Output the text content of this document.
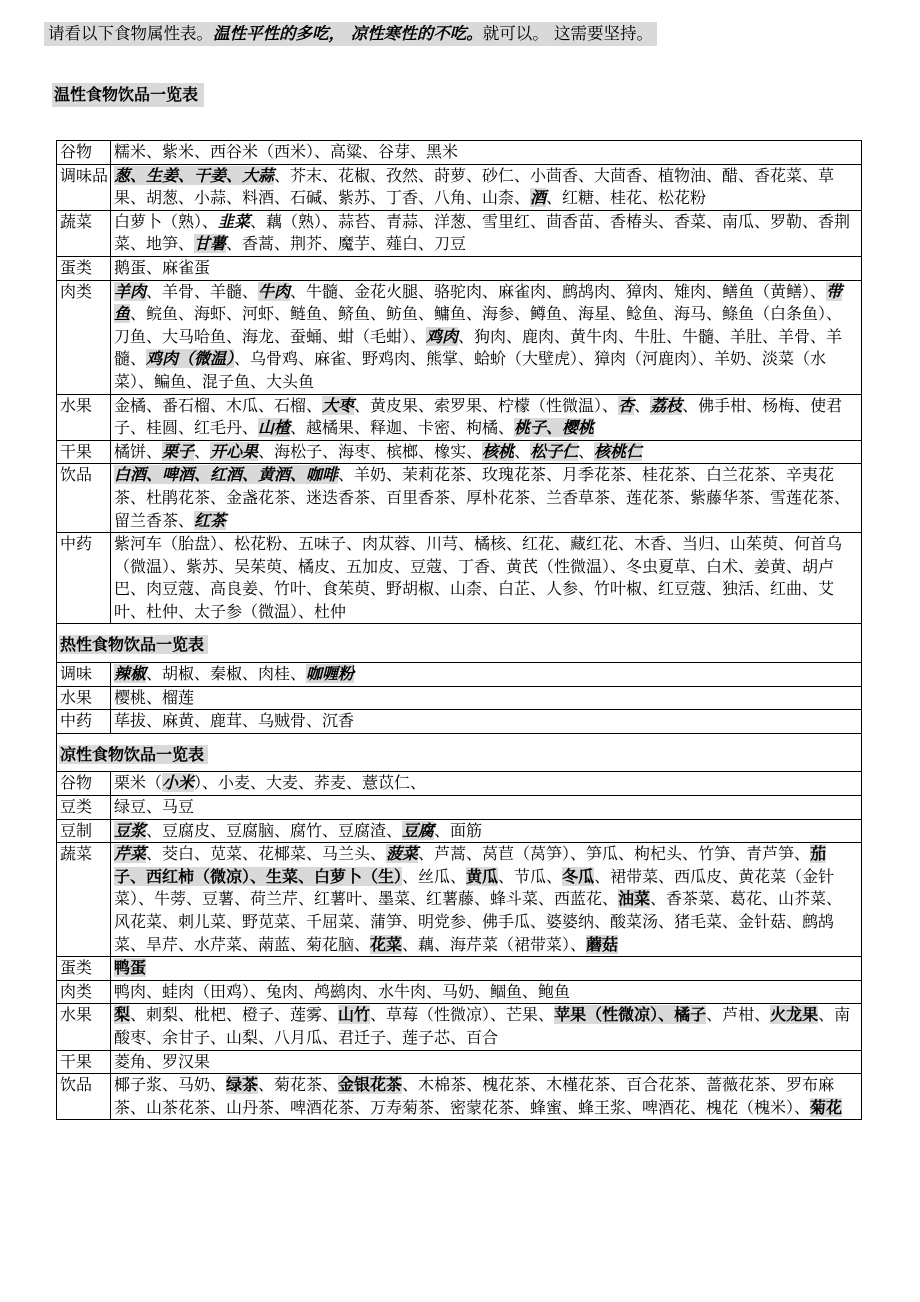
请看以下食物属性表。温性平性的多吃， 凉性寒性的不吃。就可以。 这需要坚持。
温性食物饮品一览表
谷物	糯米、紫米、西谷米（西米）、高粱、谷芽、黑米
调味品	葱、生姜、干姜、大蒜、芥末、花椒、孜然、莳萝、砂仁、小茴香、大茴香、植物油、醋、香花菜、草果、胡葱、小蒜、料酒、石碱、紫苏、丁香、八角、山柰、酒、红糖、桂花、松花粉
蔬菜	白萝卜（熟）、韭菜、藕（熟）、蒜苔、青蒜、洋葱、雪里红、茴香苗、香椿头、香菜、南瓜、罗勒、香荆菜、地笋、甘薯、香蒿、荆芥、魔芋、薤白、刀豆
蛋类	鹅蛋、麻雀蛋
肉类	羊肉、羊骨、羊髓、牛肉、牛髓、金花火腿、骆驼肉、麻雀肉、鹧鸪肉、獐肉、雉肉、鳝鱼（黄鳝）、带鱼、鲩鱼、海虾、河虾、鲢鱼、鲚鱼、鲂鱼、鳙鱼、海参、鳟鱼、海星、鲶鱼、海马、鲦鱼（白条鱼）、刀鱼、大马哈鱼、海龙、蚕蛹、蚶（毛蚶）、鸡肉、狗肉、鹿肉、黄牛肉、牛肚、牛髓、羊肚、羊骨、羊髓、鸡肉（微温）、乌骨鸡、麻雀、野鸡肉、熊掌、蛤蚧（大壁虎）、獐肉（河鹿肉）、羊奶、淡菜（水菜）、鳊鱼、混子鱼、大头鱼
水果	金橘、番石榴、木瓜、石榴、大枣、黄皮果、索罗果、柠檬（性微温）、杏、荔枝、佛手柑、杨梅、使君子、桂圆、红毛丹、山楂、越橘果、释迦、卡密、枸橘、桃子、樱桃
干果	橘饼、栗子、开心果、海松子、海枣、槟榔、橡实、核桃、松子仁、核桃仁
饮品	白酒、啤酒、红酒、黄酒、咖啡、羊奶、茉莉花茶、玫瑰花茶、月季花茶、桂花茶、白兰花茶、辛夷花茶、杜鹃花茶、金盏花茶、迷迭香茶、百里香茶、厚朴花茶、兰香草茶、莲花茶、紫藤华茶、雪莲花茶、留兰香茶、红茶
中药	紫河车（胎盘）、松花粉、五味子、肉苁蓉、川芎、橘核、红花、藏红花、木香、当归、山茱萸、何首乌（微温）、紫苏、吴茱萸、橘皮、五加皮、豆蔻、丁香、黄芪（性微温）、冬虫夏草、白术、姜黄、胡卢巴、肉豆蔻、高良姜、竹叶、食茱萸、野胡椒、山柰、白芷、人参、竹叶椒、红豆蔻、独活、红曲、艾叶、杜仲、太子参（微温）、杜仲
热性食物饮品一览表	
调味	辣椒、胡椒、秦椒、肉桂、咖喱粉
水果	樱桃、榴莲
中药	荜拔、麻黄、鹿茸、乌贼骨、沉香
凉性食物饮品一览表	
谷物	栗米（小米）、小麦、大麦、荞麦、薏苡仁、
豆类	绿豆、马豆
豆制	豆浆、豆腐皮、豆腐脑、腐竹、豆腐渣、豆腐、面筋
蔬菜	芹菜、茭白、苋菜、花椰菜、马兰头、菠菜、芦蒿、莴苣（莴笋）、笋瓜、枸杞头、竹笋、青芦笋、茄子、西红柿（微凉）、生菜、白萝卜（生）、丝瓜、黄瓜、节瓜、冬瓜、裙带菜、西瓜皮、黄花菜（金针菜）、牛蒡、豆薯、荷兰芹、红薯叶、墨菜、红薯藤、蜂斗菜、西蓝花、油菜、香茶菜、葛花、山芥菜、风花菜、刺儿菜、野苋菜、千屈菜、蒲笋、明党参、佛手瓜、婆婆纳、酸菜汤、猪毛菜、金针菇、鹧鸪菜、旱芹、水芹菜、䓣蓝、菊花脑、花菜、藕、海芹菜（裙带菜）、蘑菇
蛋类	鸭蛋
肉类	鸭肉、蛙肉（田鸡）、兔肉、鸬鹚肉、水牛肉、马奶、鲴鱼、鲍鱼
水果	梨、刺梨、枇杷、橙子、莲雾、山竹、草莓（性微凉）、芒果、苹果（性微凉）、橘子、芦柑、火龙果、南酸枣、余甘子、山梨、八月瓜、君迁子、莲子芯、百合
干果	菱角、罗汉果
饮品	椰子浆、马奶、绿茶、菊花茶、金银花茶、木棉茶、槐花茶、木槿花茶、百合花茶、蔷薇花茶、罗布麻茶、山茶花茶、山丹茶、啤酒花茶、万寿菊茶、密蒙花茶、蜂蜜、蜂王浆、啤酒花、槐花（槐米）、菊花
